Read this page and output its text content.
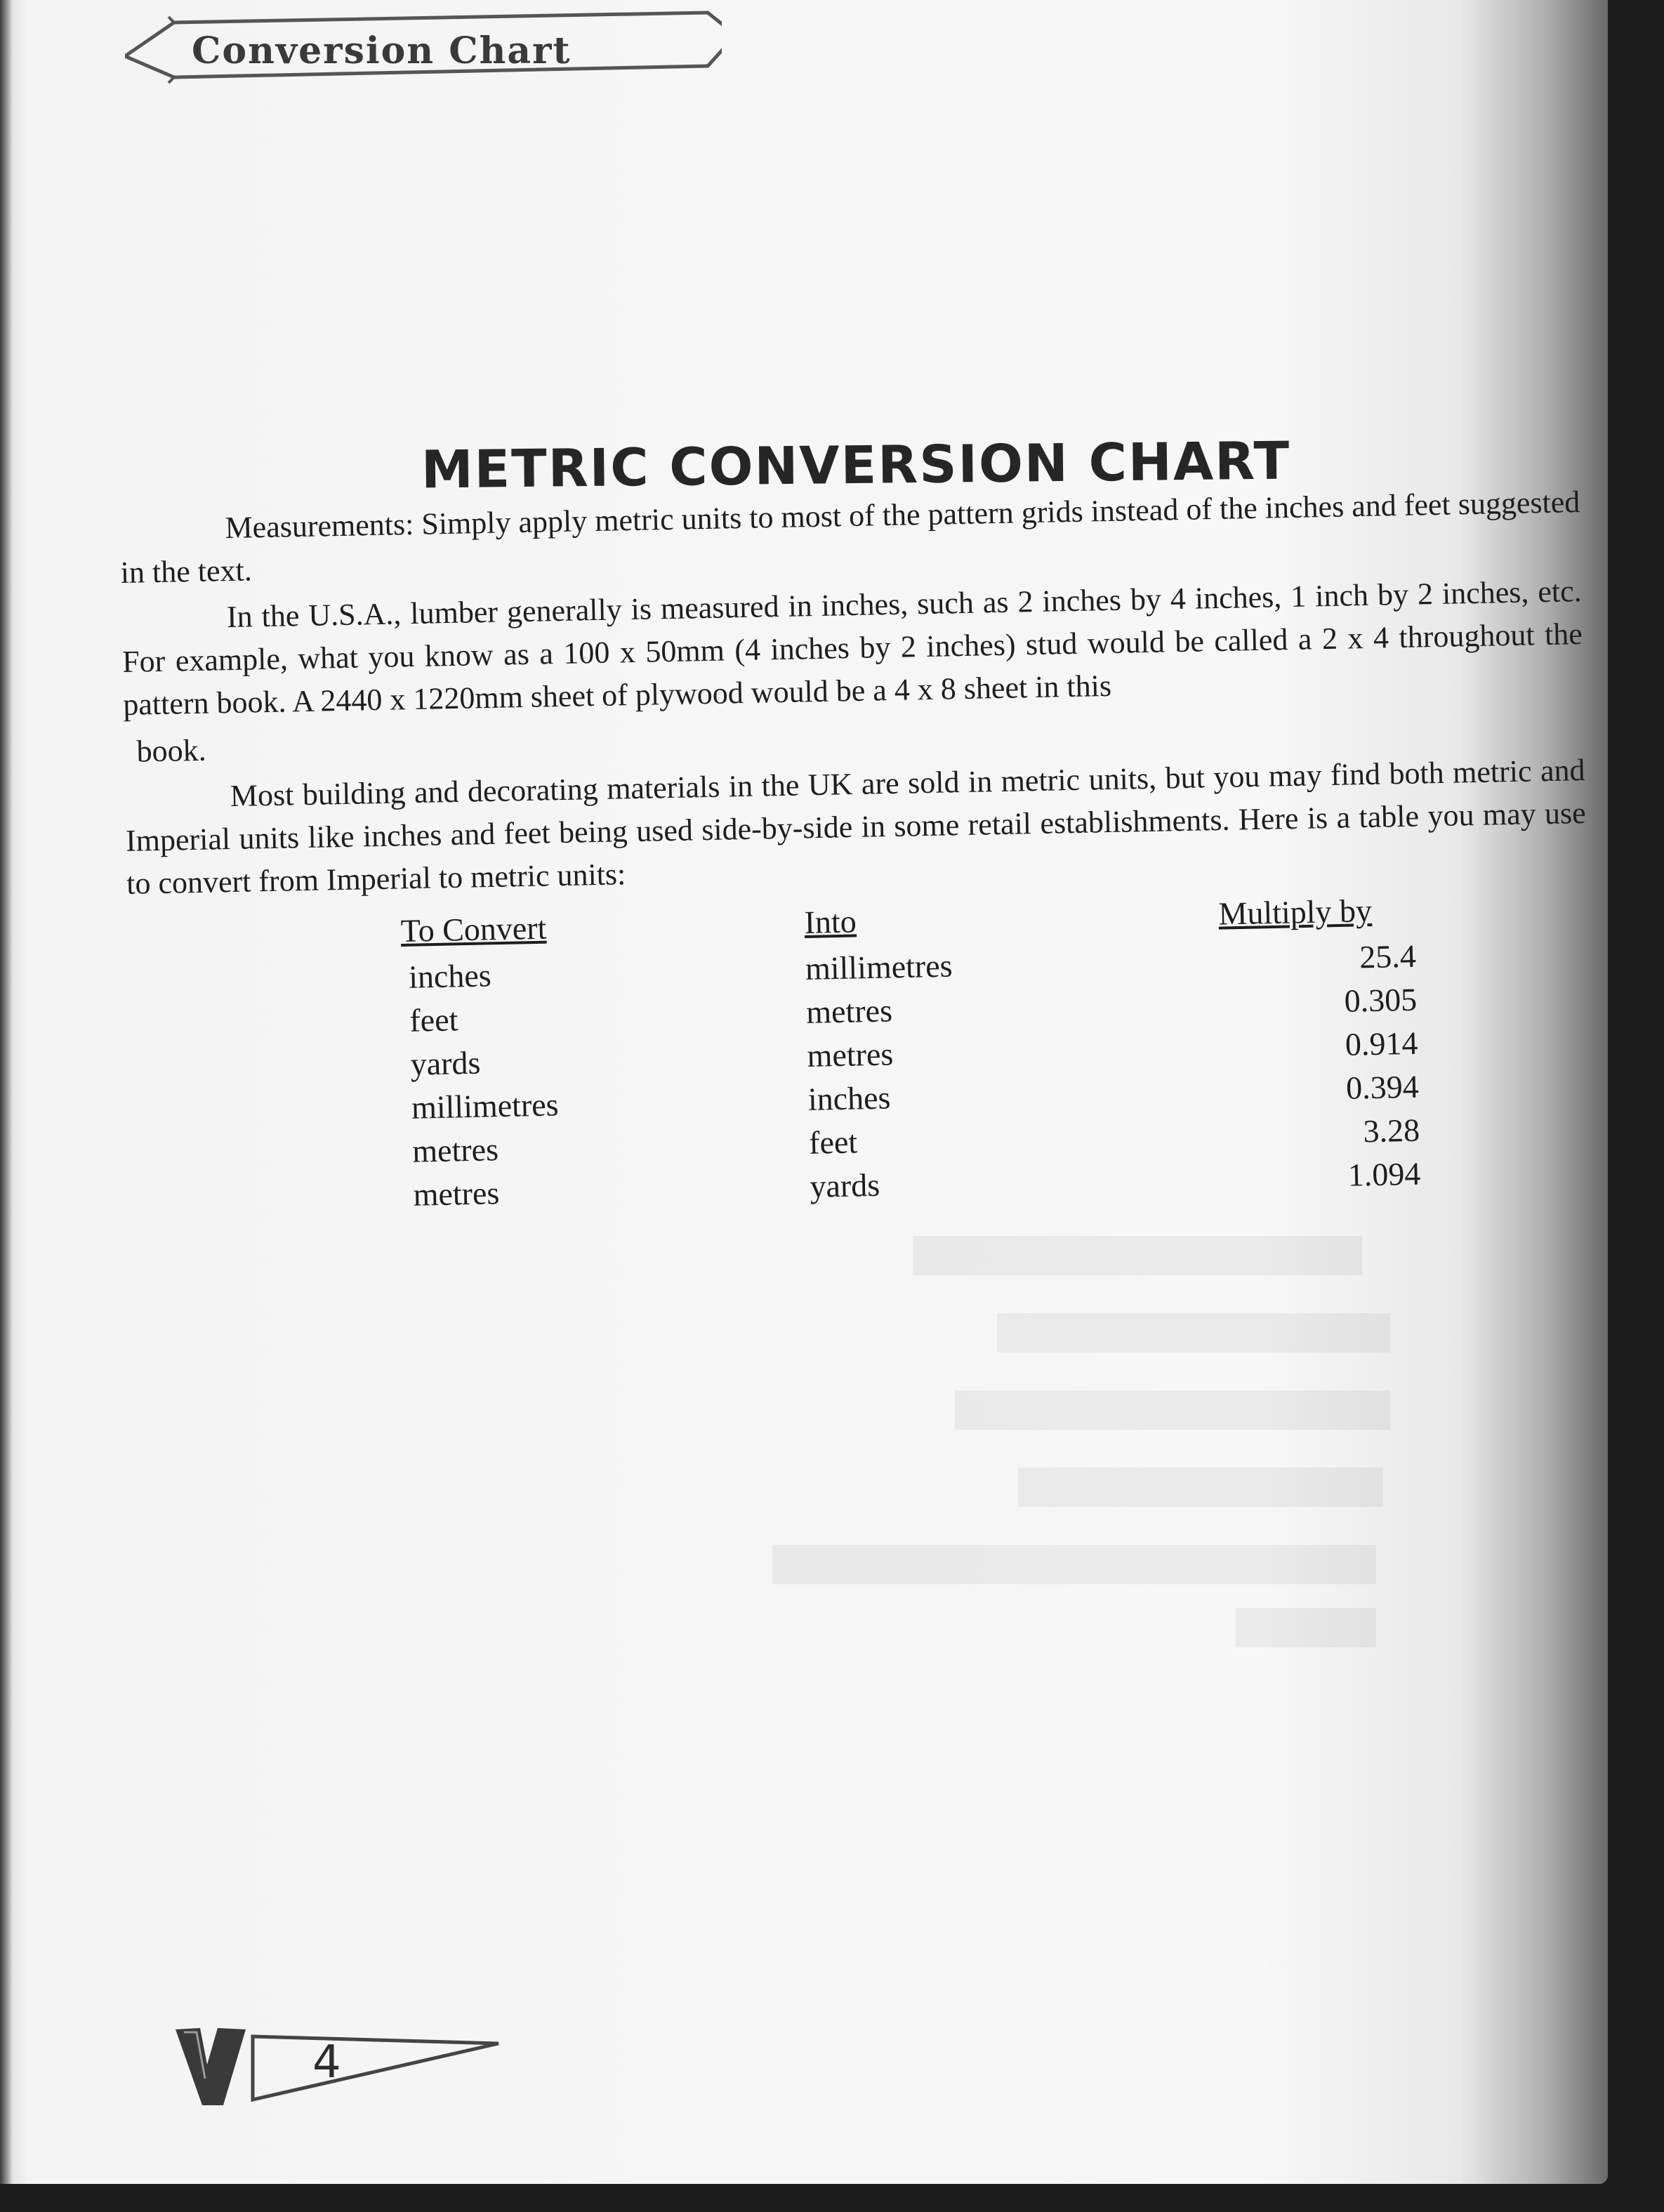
Conversion Chart
METRIC CONVERSION CHART

Measurements: Simply apply metric units to most of the pattern grids instead of the inches and feet suggested in the text.

In the U.S.A., lumber generally is measured in inches, such as 2 inches by 4 inches, 1 inch by 2 inches, etc. For example, what you know as a 100 x 50mm (4 inches by 2 inches) stud would be called a 2 x 4 throughout the pattern book. A 2440 x 1220mm sheet of plywood would be a 4 x 8 sheet in this

book.

Most building and decorating materials in the UK are sold in metric units, but you may find both metric and Imperial units like inches and feet being used side-by-side in some retail establishments. Here is a table you may use to convert from Imperial to metric units:

To Convert	Into	Multiply by
inches	millimetres	25.4
feet	metres	0.305
yards	metres	0.914
millimetres	inches	0.394
metres	feet	3.28
metres	yards	1.094
4
